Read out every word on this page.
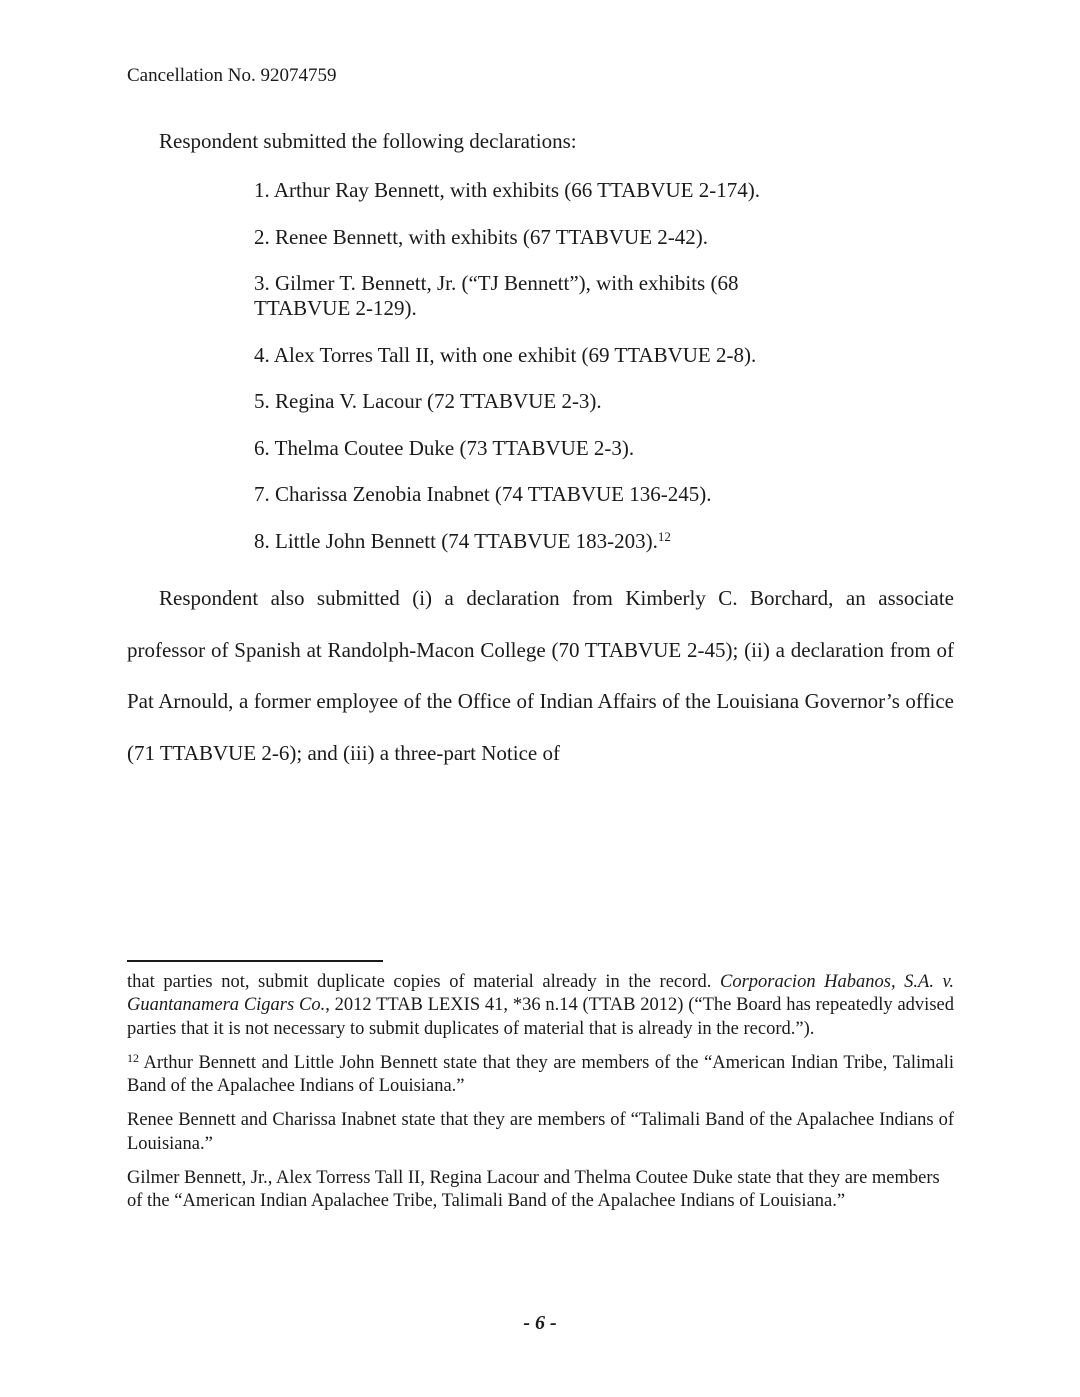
Cancellation No. 92074759
Respondent submitted the following declarations:
1. Arthur Ray Bennett, with exhibits (66 TTABVUE 2-174).
2. Renee Bennett, with exhibits (67 TTABVUE 2-42).
3. Gilmer T. Bennett, Jr. (“TJ Bennett”), with exhibits (68 TTABVUE 2-129).
4. Alex Torres Tall II, with one exhibit (69 TTABVUE 2-8).
5. Regina V. Lacour (72 TTABVUE 2-3).
6. Thelma Coutee Duke (73 TTABVUE 2-3).
7. Charissa Zenobia Inabnet (74 TTABVUE 136-245).
8. Little John Bennett (74 TTABVUE 183-203).$^{12}$

Respondent also submitted (i) a declaration from Kimberly C. Borchard, an associate professor of Spanish at Randolph-Macon College (70 TTABVUE 2-45); (ii) a declaration from of Pat Arnould, a former employee of the Office of Indian Affairs of the Louisiana Governor’s office (71 TTABVUE 2-6); and (iii) a three-part Notice of

that parties not, submit duplicate copies of material already in the record. Corporacion Habanos, S.A. v. Guantanamera Cigars Co., 2012 TTAB LEXIS 41, *36 n.14 (TTAB 2012) (“The Board has repeatedly advised parties that it is not necessary to submit duplicates of material that is already in the record.”).

$^{12}$ Arthur Bennett and Little John Bennett state that they are members of the “American Indian Tribe, Talimali Band of the Apalachee Indians of Louisiana.”

Renee Bennett and Charissa Inabnet state that they are members of “Talimali Band of the Apalachee Indians of Louisiana.”

Gilmer Bennett, Jr., Alex Torress Tall II, Regina Lacour and Thelma Coutee Duke state that they are members of the “American Indian Apalachee Tribe, Talimali Band of the Apalachee Indians of Louisiana.”

- 6 -
